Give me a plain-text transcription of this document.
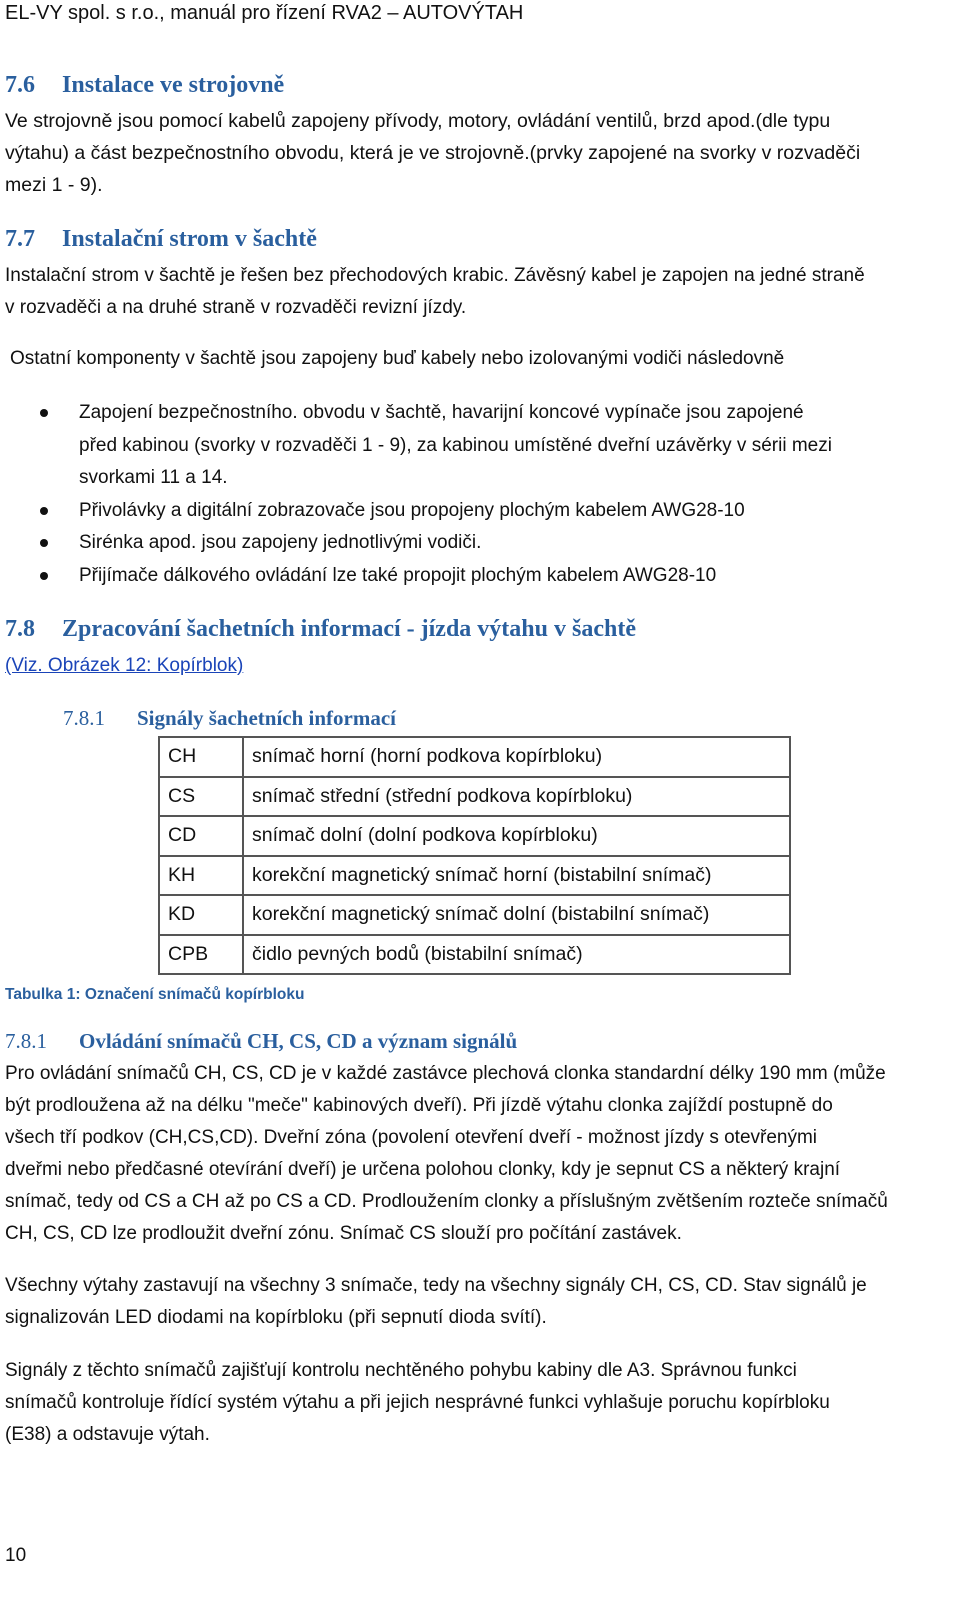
EL-VY spol. s r.o., manuál pro řízení RVA2 – AUTOVÝTAH
7.6 Instalace ve strojovně
Ve strojovně jsou pomocí kabelů zapojeny přívody, motory, ovládání ventilů, brzd apod.(dle typu
výtahu) a část bezpečnostního obvodu, která je ve strojovně.(prvky zapojené na svorky v rozvaděči
mezi 1 - 9).
7.7 Instalační strom v šachtě
Instalační strom v šachtě je řešen bez přechodových krabic. Závěsný kabel je zapojen na jedné straně
v rozvaděči a na druhé straně v rozvaděči revizní jízdy.
Ostatní komponenty v šachtě jsou zapojeny buď kabely nebo izolovanými vodiči následovně
Zapojení bezpečnostního. obvodu v šachtě, havarijní koncové vypínače jsou zapojené
před kabinou (svorky v rozvaděči 1 - 9), za kabinou umístěné dveřní uzávěrky v sérii mezi
svorkami 11 a 14.
Přivolávky a digitální zobrazovače jsou propojeny plochým kabelem AWG28-10
Sirénka apod. jsou zapojeny jednotlivými vodiči.
Přijímače dálkového ovládání lze také propojit plochým kabelem AWG28-10
7.8 Zpracování šachetních informací - jízda výtahu v šachtě
(Viz. Obrázek 12: Kopírblok)
7.8.1 Signály šachetních informací
CH	snímač horní (horní podkova kopírbloku)
CS	snímač střední (střední podkova kopírbloku)
CD	snímač dolní (dolní podkova kopírbloku)
KH	korekční magnetický snímač horní (bistabilní snímač)
KD	korekční magnetický snímač dolní (bistabilní snímač)
CPB	čidlo pevných bodů (bistabilní snímač)
Tabulka 1: Označení snímačů kopírbloku
7.8.1 Ovládání snímačů CH, CS, CD a význam signálů
Pro ovládání snímačů CH, CS, CD je v každé zastávce plechová clonka standardní délky 190 mm (může
být prodloužena až na délku "meče" kabinových dveří). Při jízdě výtahu clonka zajíždí postupně do
všech tří podkov (CH,CS,CD). Dveřní zóna (povolení otevření dveří - možnost jízdy s otevřenými
dveřmi nebo předčasné otevírání dveří) je určena polohou clonky, kdy je sepnut CS a některý krajní
snímač, tedy od CS a CH až po CS a CD. Prodloužením clonky a příslušným zvětšením rozteče snímačů
CH, CS, CD lze prodloužit dveřní zónu. Snímač CS slouží pro počítání zastávek.
Všechny výtahy zastavují na všechny 3 snímače, tedy na všechny signály CH, CS, CD. Stav signálů je
signalizován LED diodami na kopírbloku (při sepnutí dioda svítí).
Signály z těchto snímačů zajišťují kontrolu nechtěného pohybu kabiny dle A3. Správnou funkci
snímačů kontroluje řídící systém výtahu a při jejich nesprávné funkci vyhlašuje poruchu kopírbloku
(E38) a odstavuje výtah.
10
